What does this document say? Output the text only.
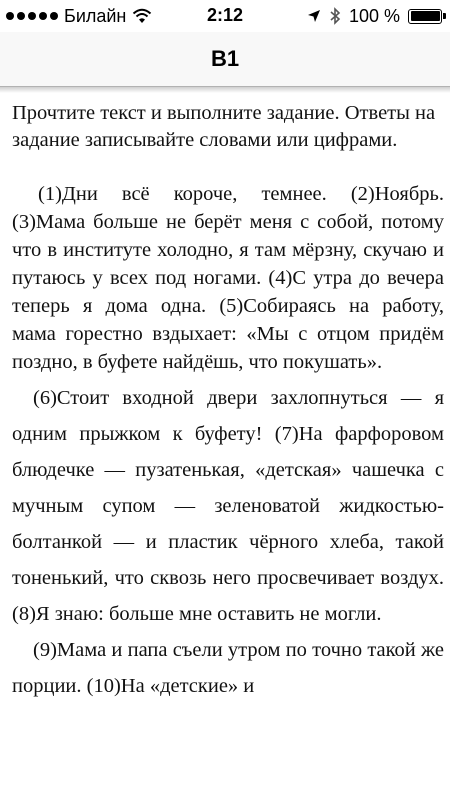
Билайн	2:12	100 %
В1

Прочтите текст и выполните задание. Ответы на задание записывайте словами или цифрами.

(1)Дни всё короче, темнее. (2)Ноябрь. (3)Мама больше не берёт меня с собой, потому что в институте холодно, я там мёрзну, скучаю и путаюсь у всех под ногами. (4)С утра до вечера теперь я дома одна. (5)Собираясь на работу, мама горестно вздыхает: «Мы с отцом придём поздно, в буфете найдёшь, что покушать».

(6)Стоит входной двери захлопнуться — я одним прыжком к буфету! (7)На фарфоровом блюдечке — пузатенькая, «детская» чашечка с мучным супом — зеленоватой жидкостью-болтанкой — и пластик чёрного хлеба, такой тоненький, что сквозь него просвечивает воздух. (8)Я знаю: больше мне оставить не могли.

(9)Мама и папа съели утром по точно такой же порции. (10)На «детские» и
